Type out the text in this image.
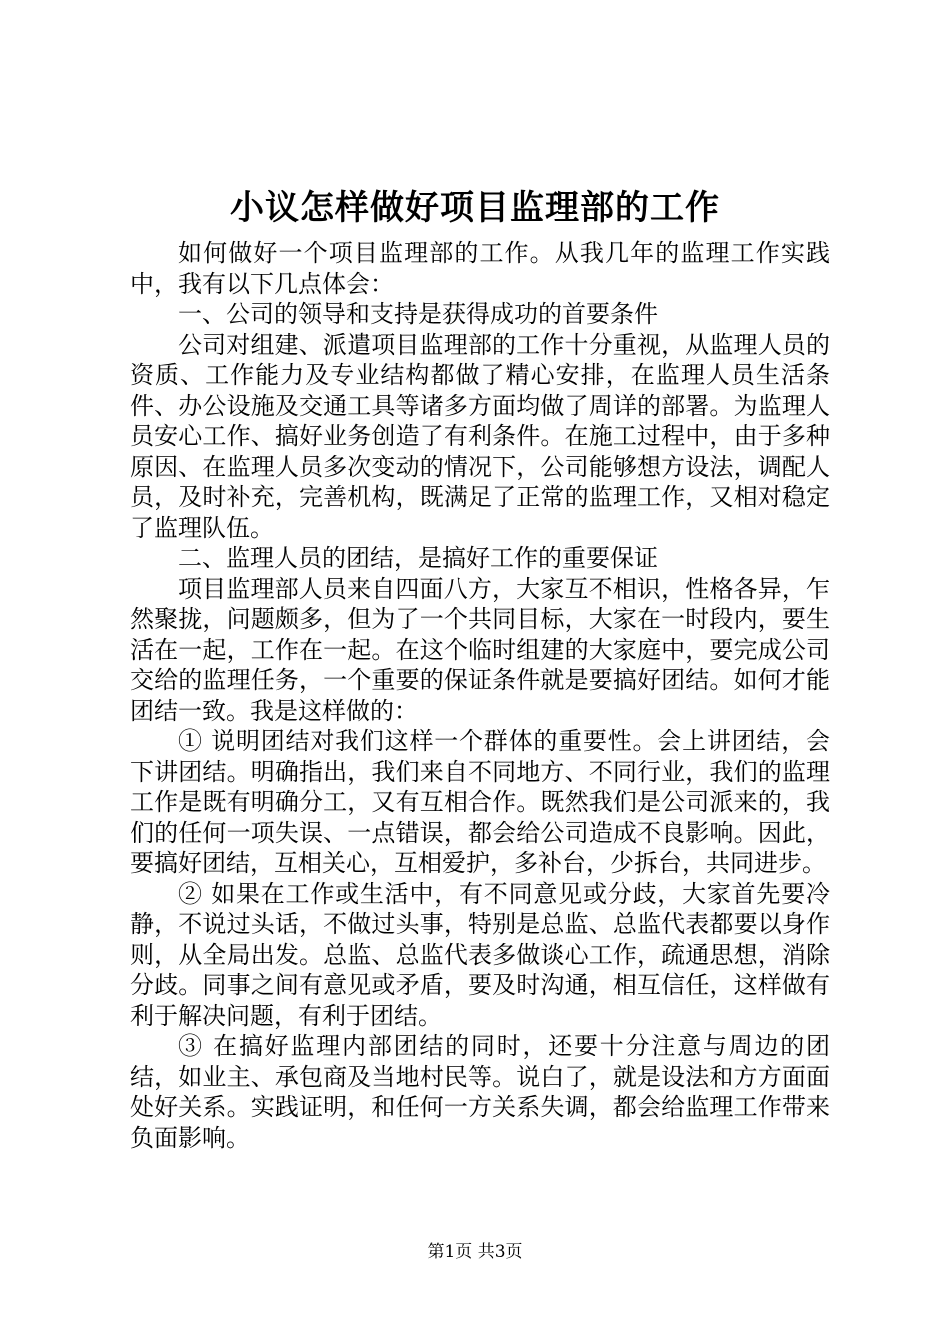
小议怎样做好项目监理部的工作

如何做好一个项目监理部的工作。从我几年的监理工作实践中，我有以下几点体会：

一、公司的领导和支持是获得成功的首要条件

公司对组建、派遣项目监理部的工作十分重视，从监理人员的资质、工作能力及专业结构都做了精心安排，在监理人员生活条件、办公设施及交通工具等诸多方面均做了周详的部署。为监理人员安心工作、搞好业务创造了有利条件。在施工过程中，由于多种原因、在监理人员多次变动的情况下，公司能够想方设法，调配人员，及时补充，完善机构，既满足了正常的监理工作，又相对稳定了监理队伍。

二、监理人员的团结，是搞好工作的重要保证

项目监理部人员来自四面八方，大家互不相识，性格各异，乍然聚拢，问题颇多，但为了一个共同目标，大家在一时段内，要生活在一起，工作在一起。在这个临时组建的大家庭中，要完成公司交给的监理任务，一个重要的保证条件就是要搞好团结。如何才能团结一致。我是这样做的：

① 说明团结对我们这样一个群体的重要性。会上讲团结，会下讲团结。明确指出，我们来自不同地方、不同行业，我们的监理工作是既有明确分工，又有互相合作。既然我们是公司派来的，我们的任何一项失误、一点错误，都会给公司造成不良影响。因此，要搞好团结，互相关心，互相爱护，多补台，少拆台，共同进步。

② 如果在工作或生活中，有不同意见或分歧，大家首先要冷静，不说过头话，不做过头事，特别是总监、总监代表都要以身作则，从全局出发。总监、总监代表多做谈心工作，疏通思想，消除分歧。同事之间有意见或矛盾，要及时沟通，相互信任，这样做有利于解决问题，有利于团结。

③ 在搞好监理内部团结的同时，还要十分注意与周边的团结，如业主、承包商及当地村民等。说白了，就是设法和方方面面处好关系。实践证明，和任何一方关系失调，都会给监理工作带来负面影响。

第1页 共3页
